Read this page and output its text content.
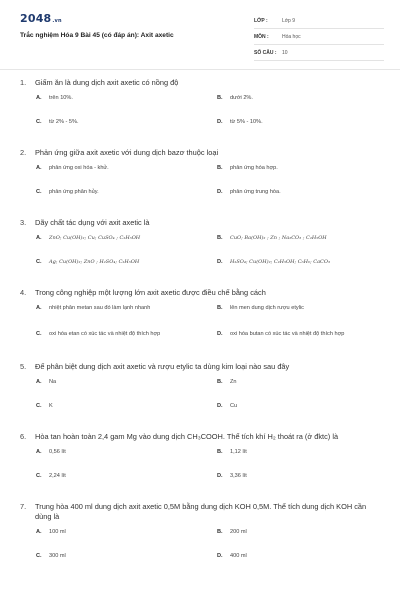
2048.vn
Trắc nghiệm Hóa 9 Bài 45 (có đáp án): Axit axetic
LỚP :	Lớp 9
MÔN :	Hóa học
SỐ CÂU :	10
1.	Giấm ăn là dung dịch axit axetic có nồng độ
A.	trên 10%.	B.	dưới 2%.
C.	từ 2% - 5%.	D.	từ 5% - 10%.
2.	Phản ứng giữa axit axetic với dung dịch bazơ thuộc loại
A.	phản ứng oxi hóa - khử.	B.	phản ứng hóa hợp.
C.	phản ứng phân hủy.	D.	phản ứng trung hòa.
3.	Dãy chất tác dụng với axit axetic là
A.	ZnO; Cu(OH)₂; Cu; CuSO₄ ; C₂H₅OH	B.	CuO; Ba(OH)₂ ; Zn ; Na₂CO₃ ; C₂H₅OH
C.	Ag; Cu(OH)₂; ZnO ; H₂SO₄; C₂H₅OH	D.	H₂SO₄; Cu(OH)₂; C₂H₅OH; C₆H₆; CaCO₃
4.	Trong công nghiệp một lượng lớn axit axetic được điều chế bằng cách
A.	nhiệt phân metan sau đó làm lạnh nhanh	B.	lên men dung dịch rượu etylic
C.	oxi hóa etan có xúc tác và nhiệt độ thích hợp	D.	oxi hóa butan có xúc tác và nhiệt độ thích hợp
5.	Để phân biệt dung dịch axit axetic và rượu etylic ta dùng kim loại nào sau đây
A.	Na	B.	Zn
C.	K	D.	Cu
6.	Hòa tan hoàn toàn 2,4 gam Mg vào dung dịch CH₃COOH. Thể tích khí H₂ thoát ra (ở đktc) là
A.	0,56 lít	B.	1,12 lít
C.	2,24 lít	D.	3,36 lít
7.	Trung hòa 400 ml dung dịch axit axetic 0,5M bằng dung dịch KOH 0,5M. Thể tích dung dịch KOH cần dùng là
A.	100 ml	B.	200 ml
C.	300 ml	D.	400 ml
